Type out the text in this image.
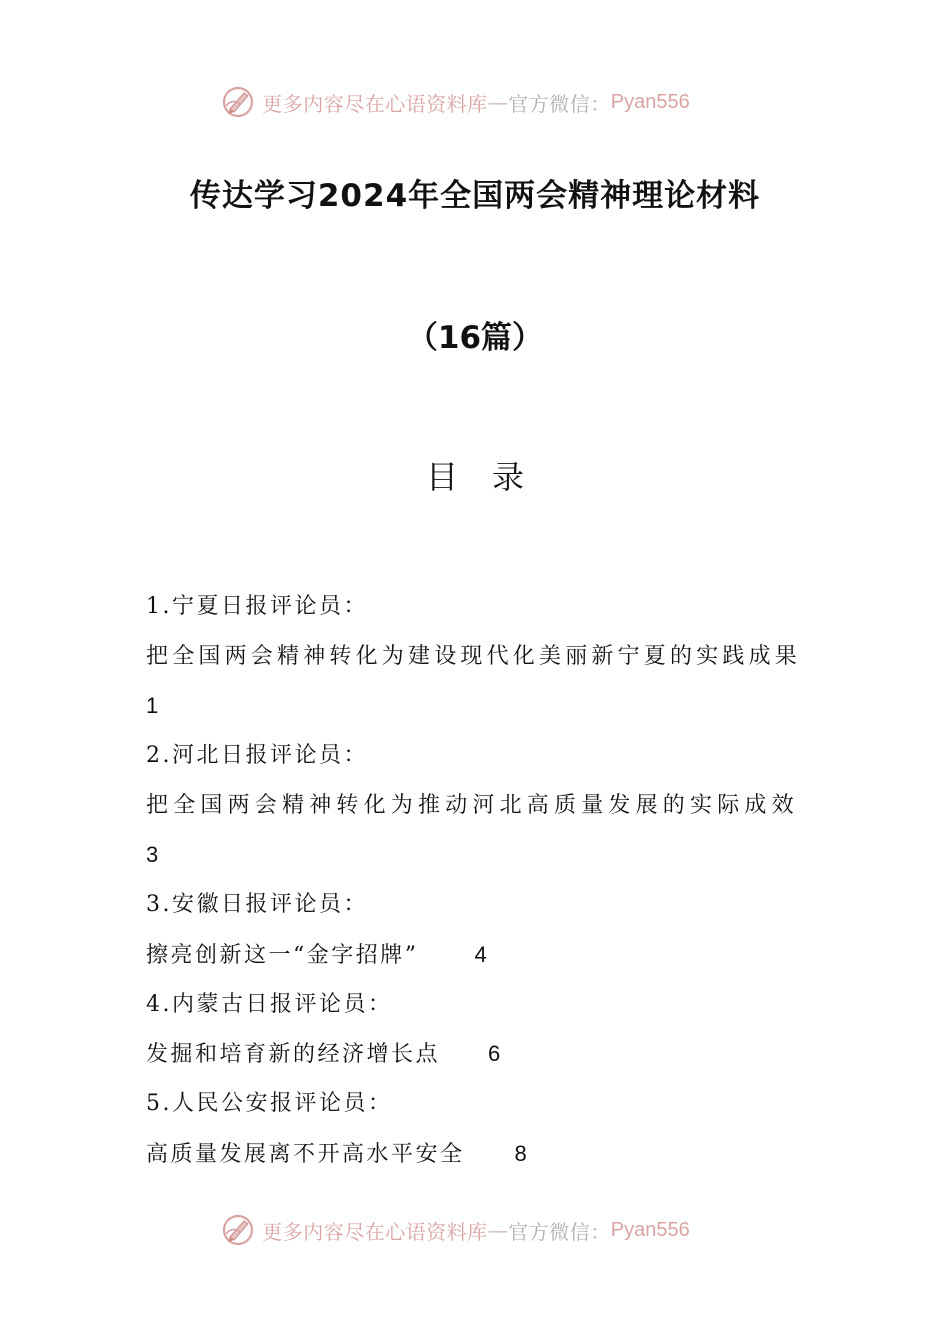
更多内容尽在心语资料库 — 官方微信： Pyan556
传达学习2024年全国两会精神理论材料
（16篇）
目录
1.宁夏日报评论员：
把全国两会精神转化为建设现代化美丽新宁夏的实践成果
1
2.河北日报评论员：
把全国两会精神转化为推动河北高质量发展的实际成效
3
3.安徽日报评论员：
擦亮创新这一“金字招牌”	4
4.内蒙古日报评论员：
发掘和培育新的经济增长点 6
5.人民公安报评论员：
高质量发展离不开高水平安全 8
更多内容尽在心语资料库 — 官方微信： Pyan556
